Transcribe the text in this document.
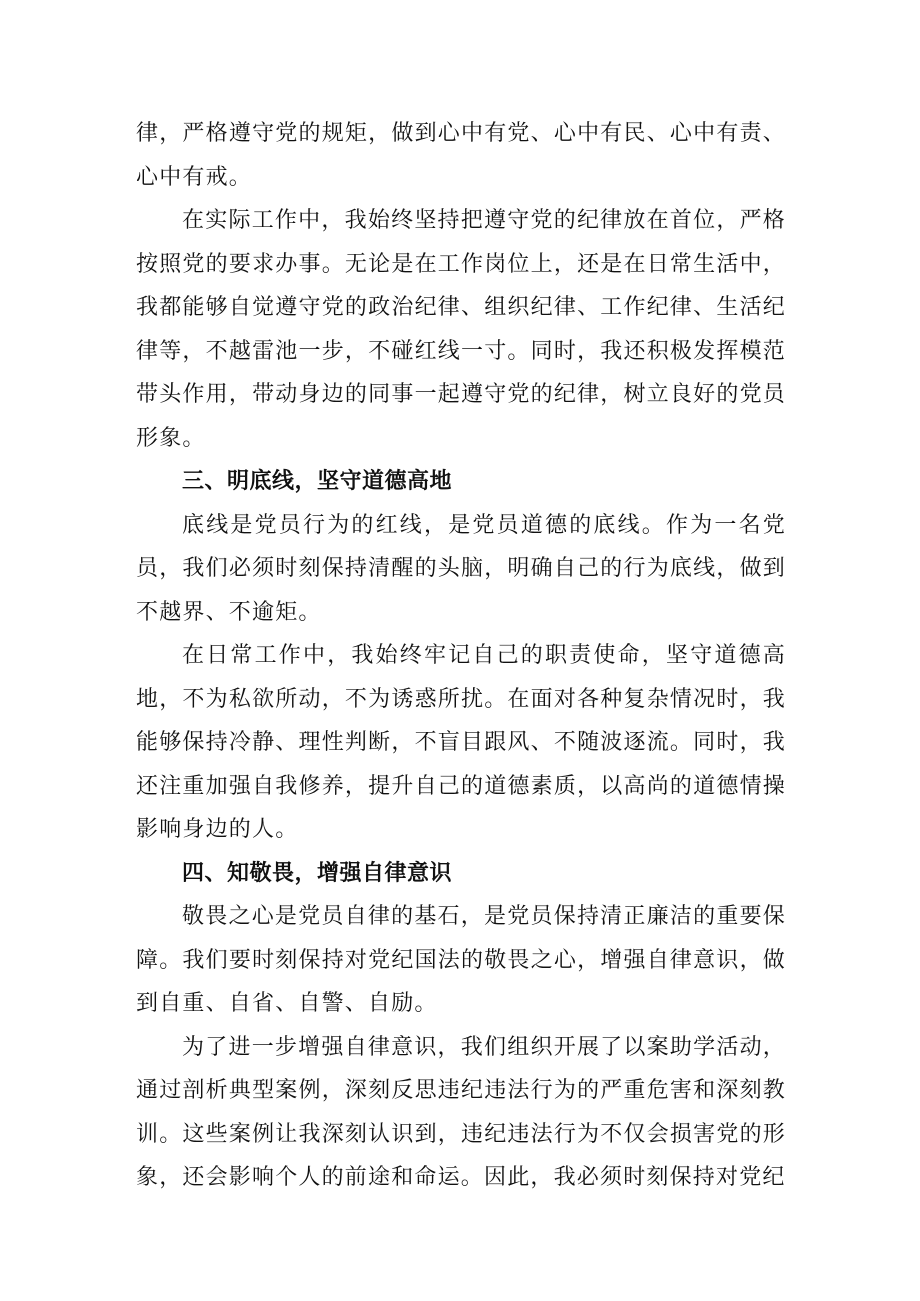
律，严格遵守党的规矩，做到心中有党、心中有民、心中有责、心中有戒。

在实际工作中，我始终坚持把遵守党的纪律放在首位，严格按照党的要求办事。无论是在工作岗位上，还是在日常生活中，我都能够自觉遵守党的政治纪律、组织纪律、工作纪律、生活纪律等，不越雷池一步，不碰红线一寸。同时，我还积极发挥模范带头作用，带动身边的同事一起遵守党的纪律，树立良好的党员形象。

三、明底线，坚守道德高地

底线是党员行为的红线，是党员道德的底线。作为一名党员，我们必须时刻保持清醒的头脑，明确自己的行为底线，做到不越界、不逾矩。

在日常工作中，我始终牢记自己的职责使命，坚守道德高地，不为私欲所动，不为诱惑所扰。在面对各种复杂情况时，我能够保持冷静、理性判断，不盲目跟风、不随波逐流。同时，我还注重加强自我修养，提升自己的道德素质，以高尚的道德情操影响身边的人。

四、知敬畏，增强自律意识

敬畏之心是党员自律的基石，是党员保持清正廉洁的重要保障。我们要时刻保持对党纪国法的敬畏之心，增强自律意识，做到自重、自省、自警、自励。

为了进一步增强自律意识，我们组织开展了以案助学活动，通过剖析典型案例，深刻反思违纪违法行为的严重危害和深刻教训。这些案例让我深刻认识到，违纪违法行为不仅会损害党的形象，还会影响个人的前途和命运。因此，我必须时刻保持对党纪
